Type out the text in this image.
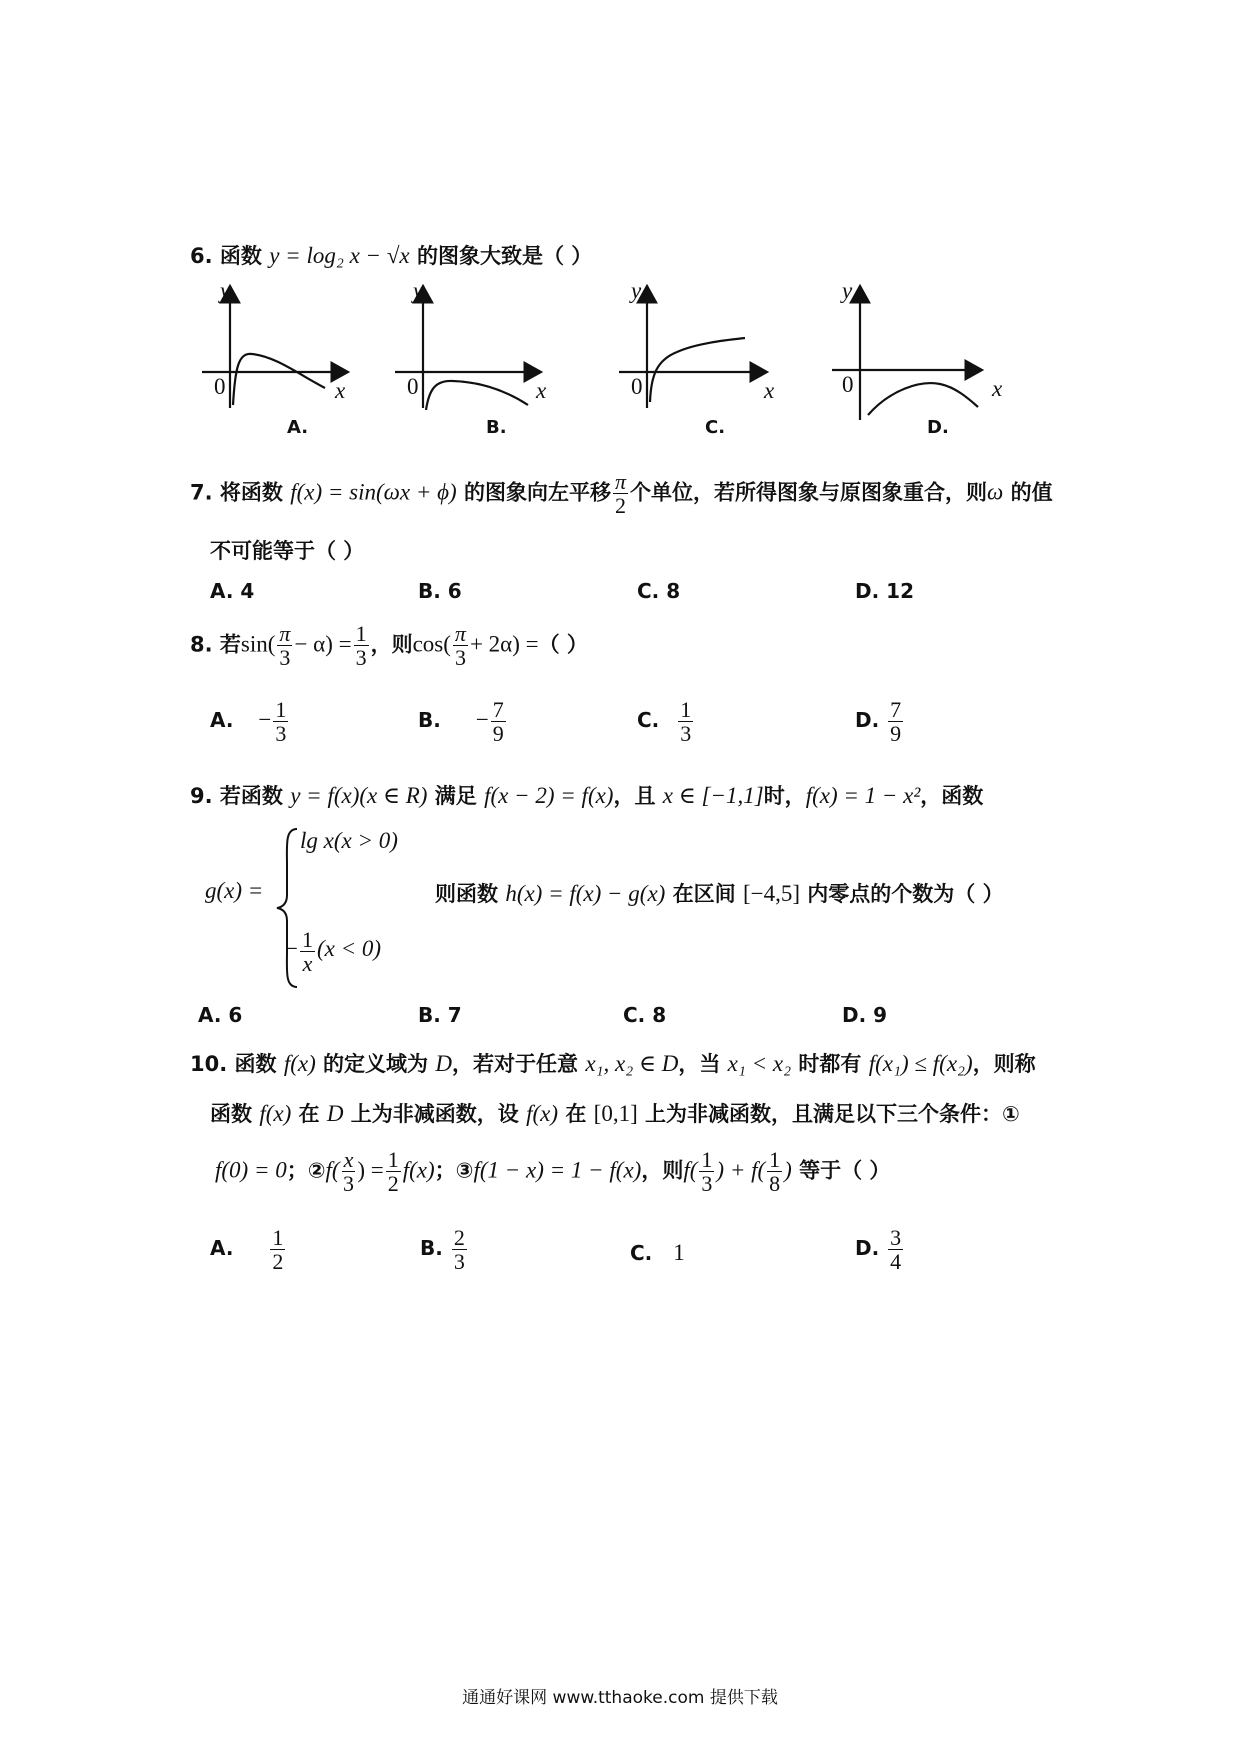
6. 函数 y = log₂ x − √x 的图象大致是（ ）
y
0	x
A.
y
0	x
B.
y
0	x
C.
y
0	x
D.
7. 将函数 f(x) = sin(ωx + ϕ) 的图象向左平移 $\frac{\pi}{2}$ 个单位，若所得图象与原图象重合，则ω 的值
不可能等于（ ）
A. 4	B. 6	C. 8	D. 12
8. 若$\sin( \frac{\pi}{3} - \alpha) = \frac{1}{3}$ ，则$\cos( \frac{\pi}{3} + 2\alpha)$ =（ ）
A. − $\frac{1}{3}$	B. − $\frac{7}{9}$	C. $\frac{1}{3}$	D. $\frac{7}{9}$
9. 若函数 y = f(x)(x ∈ R) 满足 f(x − 2) = f(x)，且 x ∈ [−1,1]时，f(x) = 1 − x²，函数
g(x) =
lg x(x > 0)
− $\frac{1}{x} (x < 0)$
则函数 h(x) = f(x) − g(x) 在区间 [−4,5] 内零点的个数为（ ）
A. 6	B. 7	C. 8	D. 9
10. 函数 f(x) 的定义域为 D，若对于任意 x₁, x₂ ∈ D，当 x₁ < x₂ 时都有 f(x₁) ≤ f(x₂)，则称
函数 f(x) 在 D 上为非减函数，设 f(x) 在 [0,1] 上为非减函数，且满足以下三个条件：①
f(0) = 0；②f( $\frac{x}{3}$ ) = $\frac{1}{2} f(x)$；③f(1 − x) = 1 − f(x)，则$f( \frac{1}{3}$ ) + $f( \frac{1}{8}$ ) 等于（ ）
A. $\frac{1}{2}$	B. $\frac{2}{3}$	C. 1	D. $\frac{3}{4}$
通通好课网 www.tthaoke.com 提供下载
